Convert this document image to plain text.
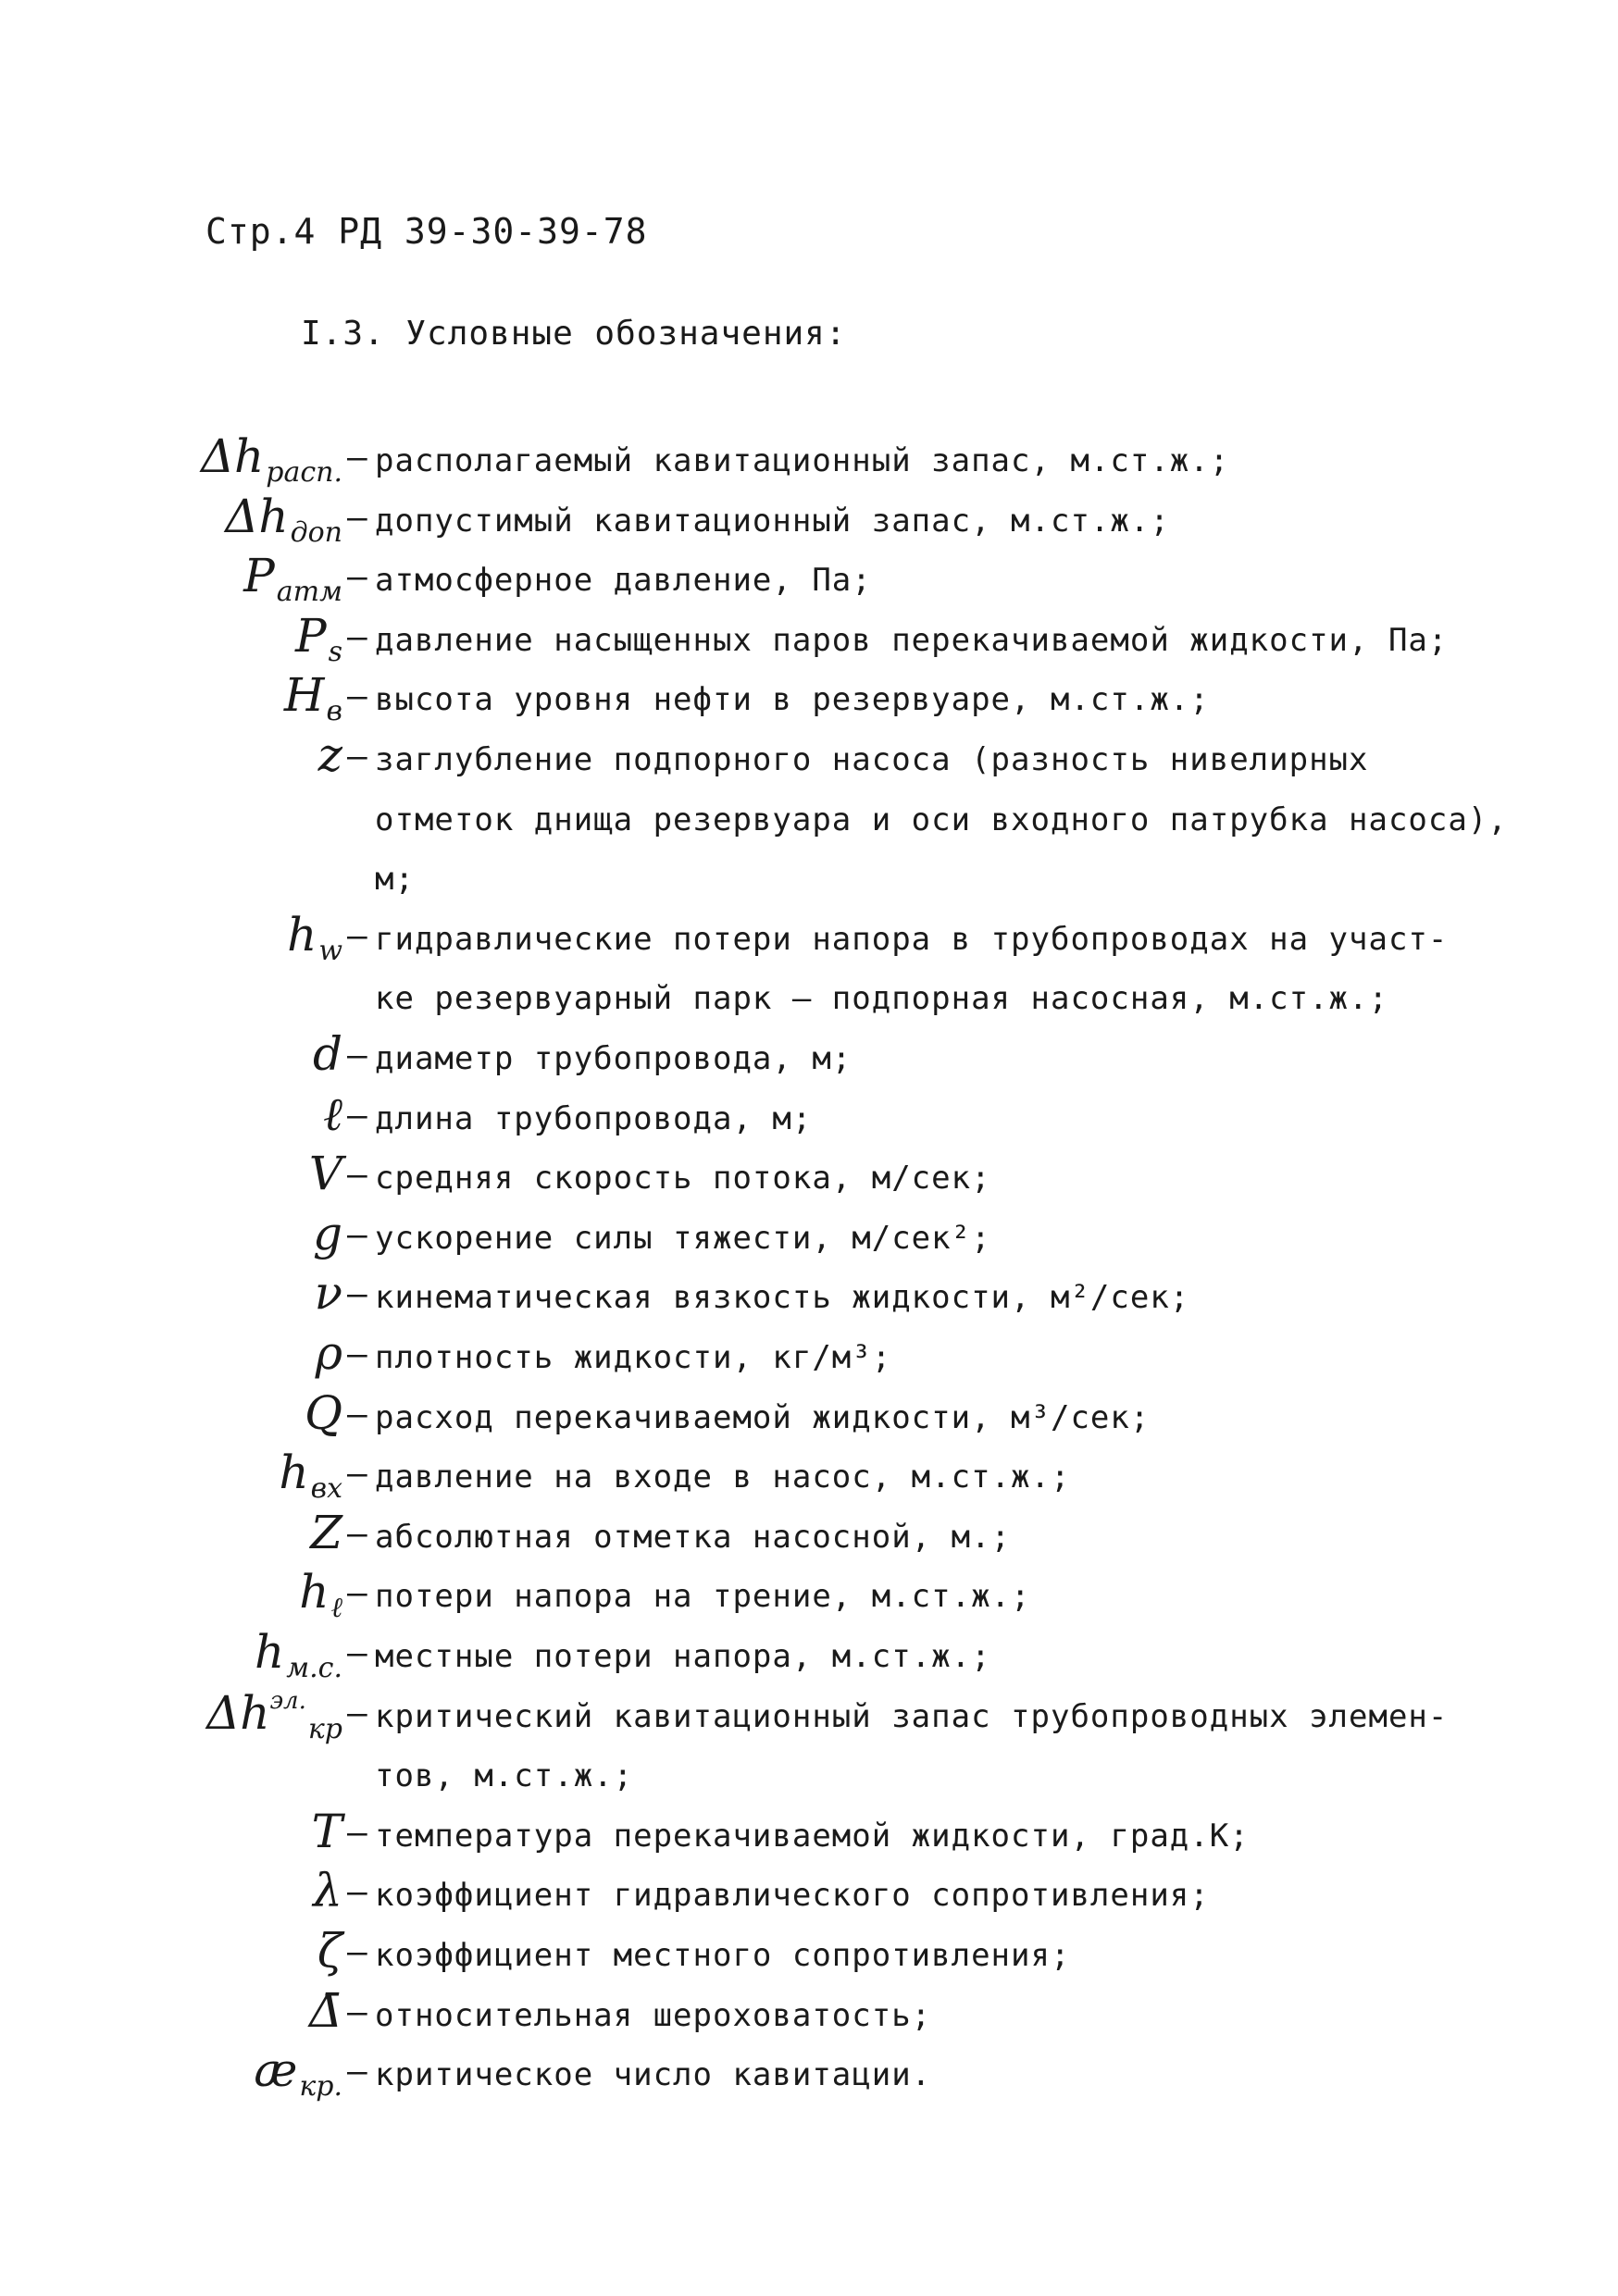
Стр.4 РД 39-30-39-78
I.3. Условные обозначения:
$\Delta h_{расп.}$ – располагаемый кавитационный запас, м.ст.ж.;
$\Delta h_{доп}$ – допустимый кавитационный запас, м.ст.ж.;
$P_{атм}$ – атмосферное давление, Па;
$P_s$ – давление насыщенных паров перекачиваемой жидкости, Па;
$H_в$ – высота уровня нефти в резервуаре, м.ст.ж.;
z – заглубление подпорного насоса (разность нивелирных
отметок днища резервуара и оси входного патрубка насоса),
м;
$h_w$ – гидравлические потери напора в трубопроводах на участ-
ке резервуарный парк – подпорная насосная, м.ст.ж.;
d – диаметр трубопровода, м;
ℓ – длина трубопровода, м;
V – средняя скорость потока, м/сек;
g – ускорение силы тяжести, м/сек²;
ν – кинематическая вязкость жидкости, м²/сек;
ρ – плотность жидкости, кг/м³;
Q – расход перекачиваемой жидкости, м³/сек;
$h_{вх}$ – давление на входе в насос, м.ст.ж.;
Z – абсолютная отметка насосной, м.;
$h_\ell$ – потери напора на трение, м.ст.ж.;
$h_{м.с.}$ – местные потери напора, м.ст.ж.;
$\Delta h^{эл.}_{кр}$ – критический кавитационный запас трубопроводных элемен-
тов, м.ст.ж.;
T – температура перекачиваемой жидкости, град.К;
λ – коэффициент гидравлического сопротивления;
ζ – коэффициент местного сопротивления;
Δ̄ – относительная шероховатость;
$æ_{кр.}$ – критическое число кавитации.
